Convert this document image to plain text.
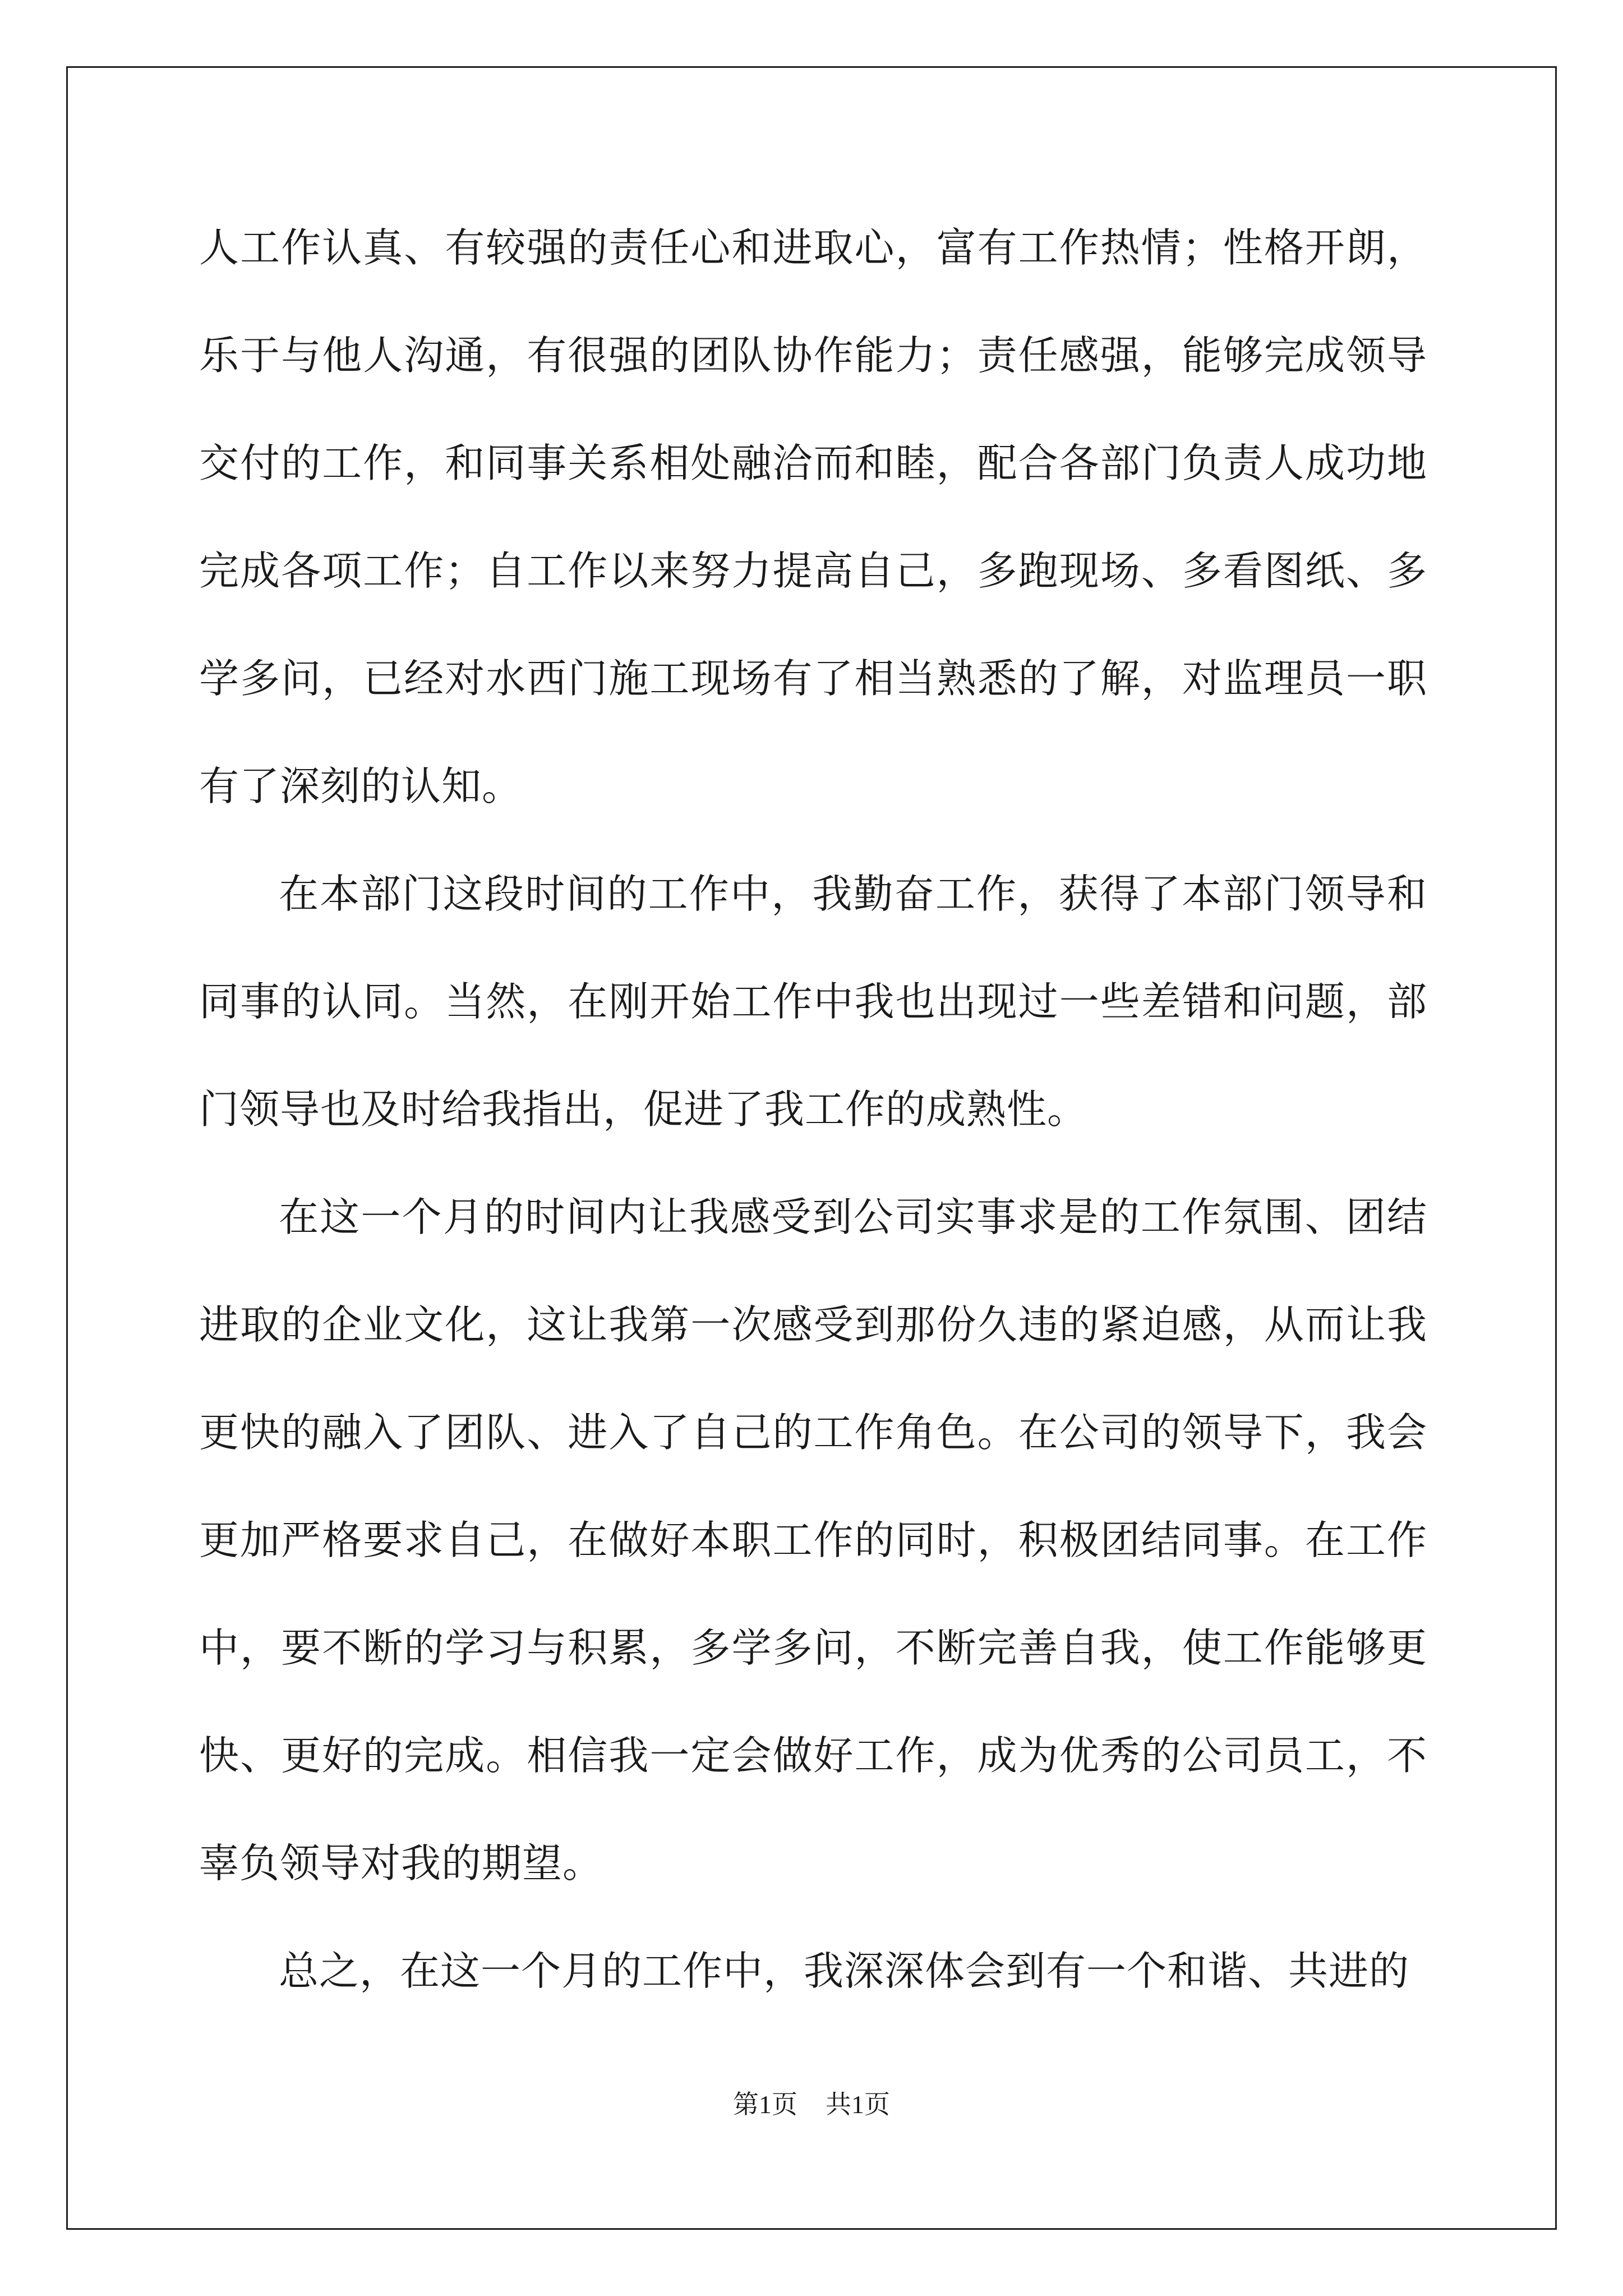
人工作认真、有较强的责任心和进取心，富有工作热情；性格开朗，乐于与他人沟通，有很强的团队协作能力；责任感强，能够完成领导交付的工作，和同事关系相处融洽而和睦，配合各部门负责人成功地完成各项工作；自工作以来努力提高自己，多跑现场、多看图纸、多学多问，已经对水西门施工现场有了相当熟悉的了解，对监理员一职有了深刻的认知。

在本部门这段时间的工作中，我勤奋工作，获得了本部门领导和同事的认同。当然，在刚开始工作中我也出现过一些差错和问题，部门领导也及时给我指出，促进了我工作的成熟性。

在这一个月的时间内让我感受到公司实事求是的工作氛围、团结进取的企业文化，这让我第一次感受到那份久违的紧迫感，从而让我更快的融入了团队、进入了自己的工作角色。在公司的领导下，我会更加严格要求自己，在做好本职工作的同时，积极团结同事。在工作中，要不断的学习与积累，多学多问，不断完善自我，使工作能够更快、更好的完成。相信我一定会做好工作，成为优秀的公司员工，不辜负领导对我的期望。

总之，在这一个月的工作中，我深深体会到有一个和谐、共进的

第1页 共1页
